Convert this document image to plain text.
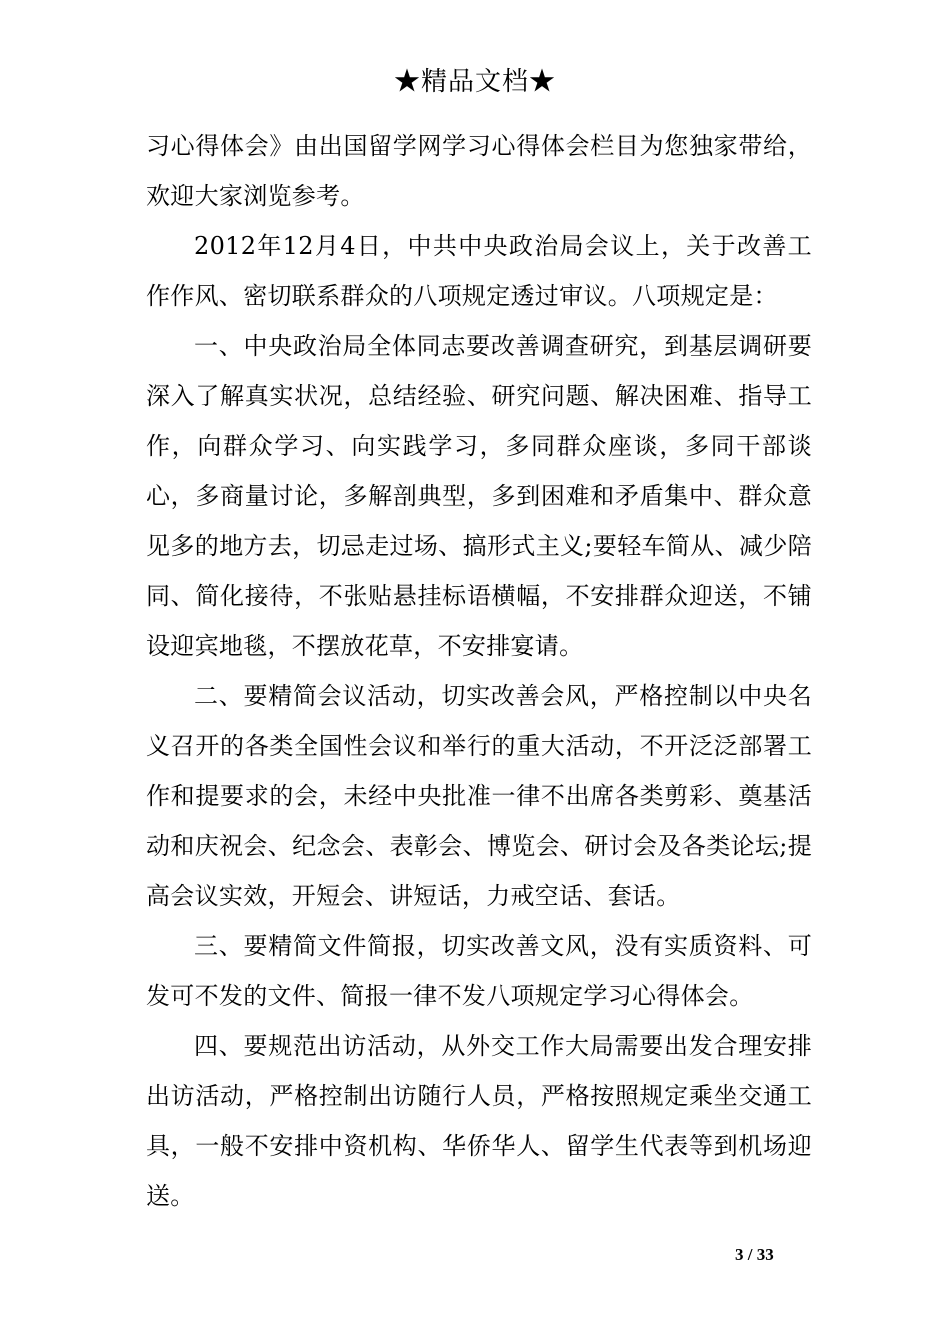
★精品文档★

习心得体会》由出国留学网学习心得体会栏目为您独家带给，欢迎大家浏览参考。

2012年12月4日，中共中央政治局会议上，关于改善工作作风、密切联系群众的八项规定透过审议。八项规定是：

一、中央政治局全体同志要改善调查研究，到基层调研要深入了解真实状况，总结经验、研究问题、解决困难、指导工作，向群众学习、向实践学习，多同群众座谈，多同干部谈心，多商量讨论，多解剖典型，多到困难和矛盾集中、群众意见多的地方去，切忌走过场、搞形式主义;要轻车简从、减少陪同、简化接待，不张贴悬挂标语横幅，不安排群众迎送，不铺设迎宾地毯，不摆放花草，不安排宴请。

二、要精简会议活动，切实改善会风，严格控制以中央名义召开的各类全国性会议和举行的重大活动，不开泛泛部署工作和提要求的会，未经中央批准一律不出席各类剪彩、奠基活动和庆祝会、纪念会、表彰会、博览会、研讨会及各类论坛;提高会议实效，开短会、讲短话，力戒空话、套话。

三、要精简文件简报，切实改善文风，没有实质资料、可发可不发的文件、简报一律不发八项规定学习心得体会。

四、要规范出访活动，从外交工作大局需要出发合理安排出访活动，严格控制出访随行人员，严格按照规定乘坐交通工具，一般不安排中资机构、华侨华人、留学生代表等到机场迎送。

3 / 33
